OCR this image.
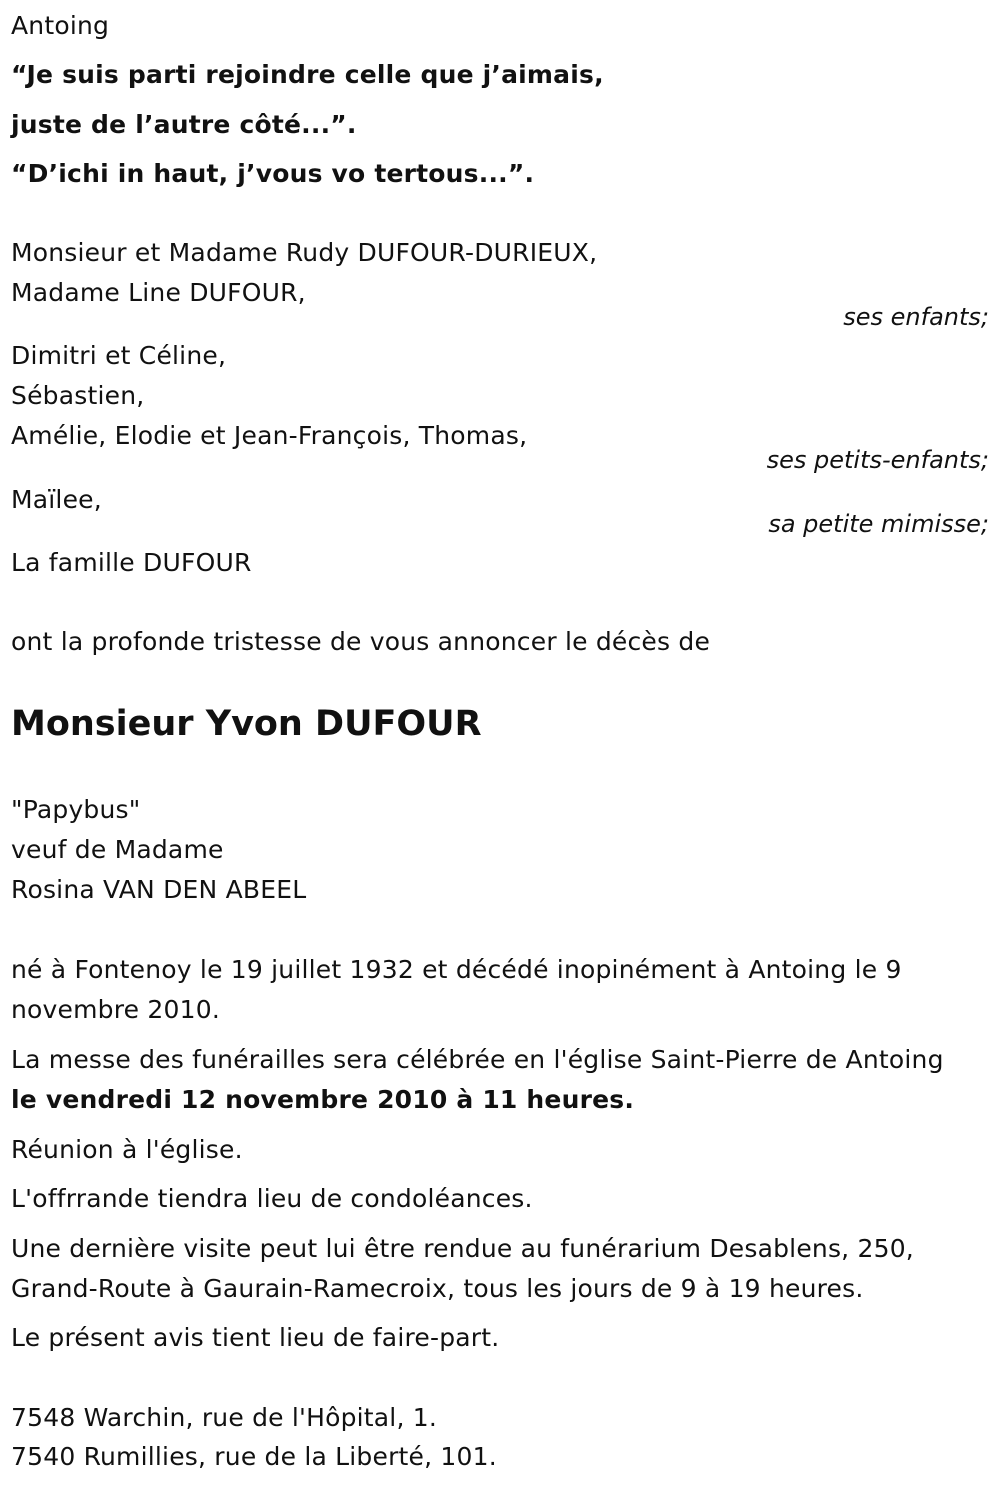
Antoing

“Je suis parti rejoindre celle que j’aimais,

juste de l’autre côté...”.

“D’ichi in haut, j’vous vo tertous...”.

Monsieur et Madame Rudy DUFOUR-DURIEUX,

Madame Line DUFOUR,

ses enfants;

Dimitri et Céline,

Sébastien,

Amélie, Elodie et Jean-François, Thomas,

ses petits-enfants;

Maïlee,

sa petite mimisse;

La famille DUFOUR

ont la profonde tristesse de vous annoncer le décès de

Monsieur Yvon DUFOUR

"Papybus"

veuf de Madame

Rosina VAN DEN ABEEL

né à Fontenoy le 19 juillet 1932 et décédé inopinément à Antoing le 9

novembre 2010.

La messe des funérailles sera célébrée en l'église Saint-Pierre de Antoing

le vendredi 12 novembre 2010 à 11 heures.

Réunion à l'église.

L'offrrande tiendra lieu de condoléances.

Une dernière visite peut lui être rendue au funérarium Desablens, 250,

Grand-Route à Gaurain-Ramecroix, tous les jours de 9 à 19 heures.

Le présent avis tient lieu de faire-part.

7548 Warchin, rue de l'Hôpital, 1.

7540 Rumillies, rue de la Liberté, 101.
